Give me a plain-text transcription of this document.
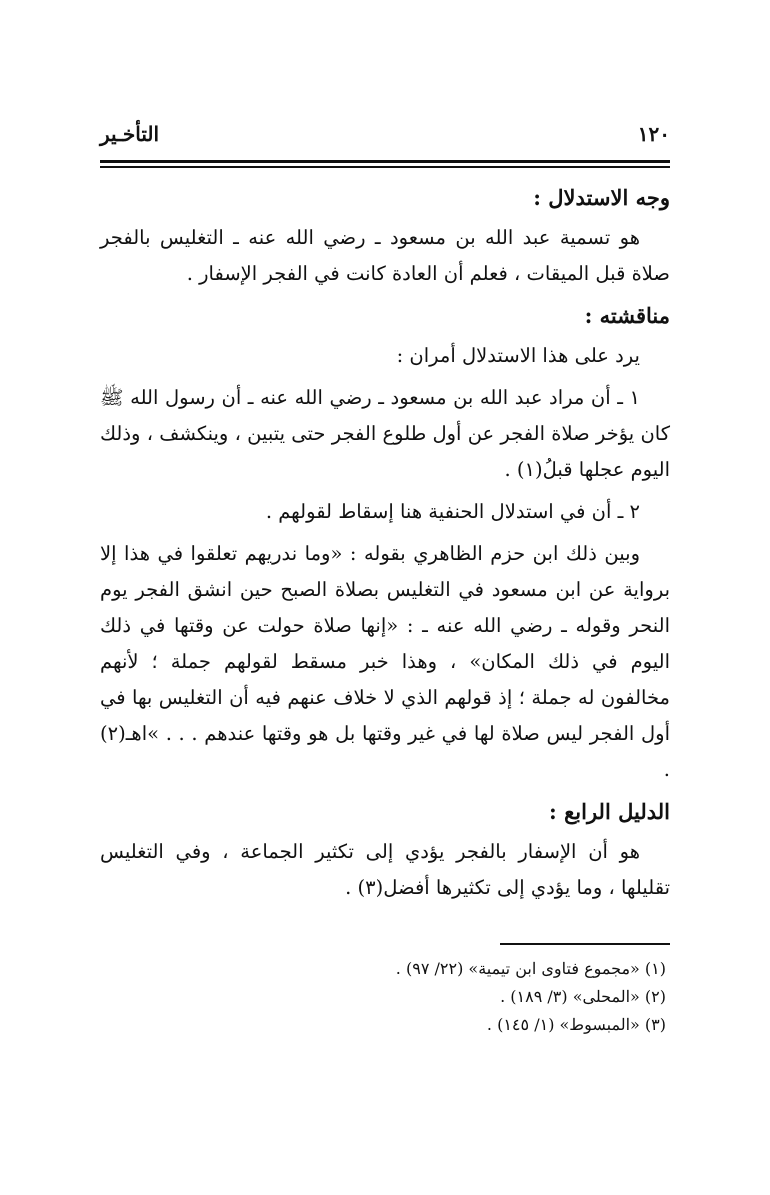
١٢٠
التأخـير

وجه الاستدلال :

هو تسمية عبد الله بن مسعود ـ رضي الله عنه ـ التغليس بالفجر صلاة قبل الميقات ، فعلم أن العادة كانت في الفجر الإسفار .

مناقشته :

يرد على هذا الاستدلال أمران :

١ ـ أن مراد عبد الله بن مسعود ـ رضي الله عنه ـ أن رسول الله ﷺ كان يؤخر صلاة الفجر عن أول طلوع الفجر حتى يتبين ، وينكشف ، وذلك اليوم عجلها قبلُ(١) .

٢ ـ أن في استدلال الحنفية هنا إسقاط لقولهم .

وبين ذلك ابن حزم الظاهري بقوله : «وما ندريهم تعلقوا في هذا إلا برواية عن ابن مسعود في التغليس بصلاة الصبح حين انشق الفجر يوم النحر وقوله ـ رضي الله عنه ـ : «إنها صلاة حولت عن وقتها في ذلك اليوم في ذلك المكان» ، وهذا خبر مسقط لقولهم جملة ؛ لأنهم مخالفون له جملة ؛ إذ قولهم الذي لا خلاف عنهم فيه أن التغليس بها في أول الفجر ليس صلاة لها في غير وقتها بل هو وقتها عندهم . . . »اهـ(٢) .

الدليل الرابع :

هو أن الإسفار بالفجر يؤدي إلى تكثير الجماعة ، وفي التغليس تقليلها ، وما يؤدي إلى تكثيرها أفضل(٣) .

(١) «مجموع فتاوى ابن تيمية» (٢٢/ ٩٧) .

(٢) «المحلى» (٣/ ١٨٩) .

(٣) «المبسوط» (١/ ١٤٥) .
